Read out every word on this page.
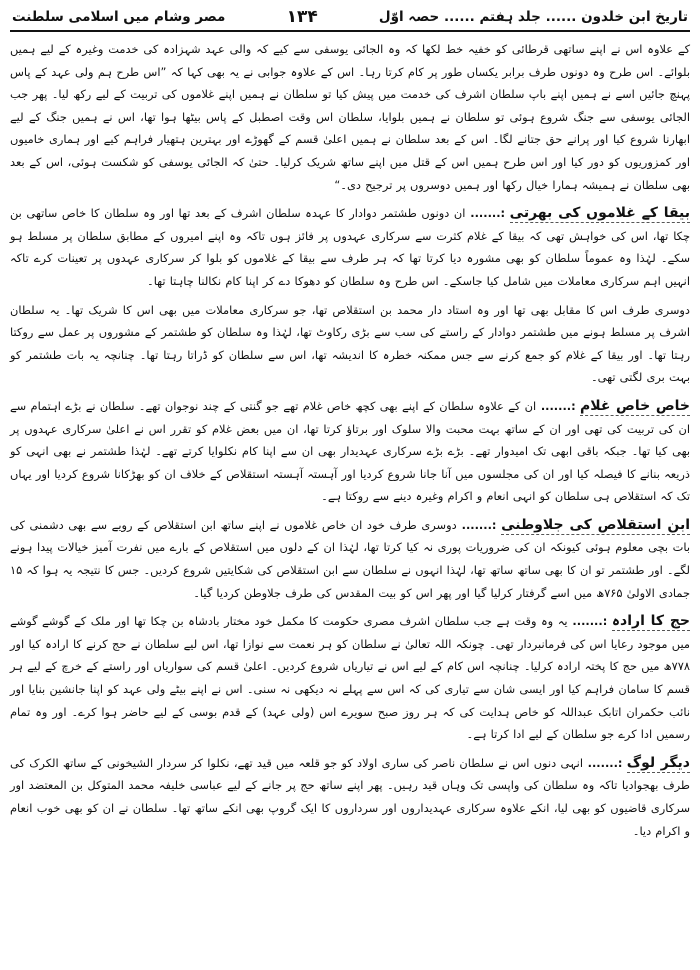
تاریخ ابن خلدون ...... جلد ہفتم ...... حصہ اوّل
۱۳۴
مصر وشام میں اسلامی سلطنت

کے علاوہ اس نے اپنے ساتھی قرطائی کو خفیہ خط لکھا کہ وہ الجائی یوسفی سے کیے کہ والی عہد شہزادہ کی خدمت وغیرہ کے لیے ہمیں بلوائے۔ اس طرح وہ دونوں طرف برابر یکساں طور پر کام کرتا رہا۔ اس کے علاوہ جوابی نے یہ بھی کہا کہ ”اس طرح ہم ولی عہد کے پاس پہنچ جائیں اسے نے ہمیں اپنے باپ سلطان اشرف کی خدمت میں پیش کیا تو سلطان نے ہمیں اپنے غلاموں کی تربیت کے لیے رکھ لیا۔ پھر جب الجائی یوسفی سے جنگ شروع ہوئی تو سلطان نے ہمیں بلوایا، سلطان اس وقت اصطبل کے پاس بیٹھا ہوا تھا، اس نے ہمیں جنگ کے لیے ابھارنا شروع کیا اور پرانے حق جتانے لگا۔ اس کے بعد سلطان نے ہمیں اعلیٰ قسم کے گھوڑے اور بہترین ہتھیار فراہم کیے اور ہماری خامیوں اور کمزوریوں کو دور کیا اور اس طرح ہمیں اس کے قتل میں اپنے ساتھ شریک کرلیا۔ حتیٰ کہ الجائی یوسفی کو شکست ہوئی، اس کے بعد بھی سلطان نے ہمیشہ ہمارا خیال رکھا اور ہمیں دوسروں پر ترجیح دی۔“

بیقا کے غلاموں کی بھرتی :....... ان دونوں طشتمر دوادار کا عہدہ سلطان اشرف کے بعد تھا اور وہ سلطان کا خاص ساتھی بن چکا تھا، اس کی خواہش تھی کہ بیقا کے غلام کثرت سے سرکاری عہدوں پر فائز ہوں تاکہ وہ اپنے امیروں کے مطابق سلطان پر مسلط ہو سکے۔ لہٰذا وہ عموماً سلطان کو بھی مشورہ دیا کرتا تھا کہ ہر طرف سے بیقا کے غلاموں کو بلوا کر سرکاری عہدوں پر تعینات کرے تاکہ انہیں اہم سرکاری معاملات میں شامل کیا جاسکے۔ اس طرح وہ سلطان کو دھوکا دے کر اپنا کام نکالنا چاہتا تھا۔

دوسری طرف اس کا مقابل بھی تھا اور وہ استاد دار محمد بن استقلاص تھا، جو سرکاری معاملات میں بھی اس کا شریک تھا۔ یہ سلطان اشرف پر مسلط ہونے میں طشتمر دوادار کے راستے کی سب سے بڑی رکاوٹ تھا، لہٰذا وہ سلطان کو طشتمر کے مشوروں پر عمل سے روکتا رہتا تھا۔ اور بیقا کے غلام کو جمع کرنے سے جس ممکنہ خطرہ کا اندیشہ تھا، اس سے سلطان کو ڈراتا رہتا تھا۔ چنانچہ یہ بات طشتمر کو بہت بری لگتی تھی۔

خاص خاص غلام :....... ان کے علاوہ سلطان کے اپنے بھی کچھ خاص غلام تھے جو گنتی کے چند نوجوان تھے۔ سلطان نے بڑے اہتمام سے ان کی تربیت کی تھی اور ان کے ساتھ بہت محبت والا سلوک اور برتاؤ کرتا تھا، ان میں بعض غلام کو تقرر اس نے اعلیٰ سرکاری عہدوں پر بھی کیا تھا۔ جبکہ باقی ابھی تک امیدوار تھے۔ بڑے بڑے سرکاری عہدیدار بھی ان سے اپنا کام نکلوایا کرتے تھے۔ لہٰذا طشتمر نے بھی انہی کو ذریعہ بنانے کا فیصلہ کیا اور ان کی مجلسوں میں آنا جانا شروع کردیا اور آہستہ آہستہ استقلاص کے خلاف ان کو بھڑکانا شروع کردیا اور یہاں تک کہ استقلاص ہی سلطان کو انہی انعام و اکرام وغیرہ دینے سے روکتا ہے۔

ابن استقلاص کی جلاوطنی :....... دوسری طرف خود ان خاص غلاموں نے اپنے ساتھ ابن استقلاص کے رویے سے بھی دشمنی کی بات بچی معلوم ہوئی کیونکہ ان کی ضروریات پوری نہ کیا کرتا تھا، لہٰذا ان کے دلوں میں استقلاص کے بارے میں نفرت آمیز خیالات پیدا ہونے لگے۔ اور طشتمر تو ان کا بھی ساتھ ساتھ تھا، لہٰذا انہوں نے سلطان سے ابن استقلاص کی شکایتیں شروع کردیں۔ جس کا نتیجہ یہ ہوا کہ ۱۵ جمادی الاولیٰ ۷۶۵ھ میں اسے گرفتار کرلیا گیا اور پھر اس کو بیت المقدس کی طرف جلاوطن کردیا گیا۔

حج کا ارادہ :....... یہ وہ وقت ہے جب سلطان اشرف مصری حکومت کا مکمل خود مختار بادشاہ بن چکا تھا اور ملک کے گوشے گوشے میں موجود رعایا اس کی فرمانبردار تھی۔ چونکہ اللہ تعالیٰ نے سلطان کو ہر نعمت سے نوازا تھا، اس لیے سلطان نے حج کرنے کا ارادہ کیا اور ۷۷۸ھ میں حج کا پختہ ارادہ کرلیا۔ چنانچہ اس کام کے لیے اس نے تیاریاں شروع کردیں۔ اعلیٰ قسم کی سواریاں اور راستے کے خرچ کے لیے ہر قسم کا سامان فراہم کیا اور ایسی شان سے تیاری کی کہ اس سے پہلے نہ دیکھی نہ سنی۔ اس نے اپنے بیٹے ولی عہد کو اپنا جانشین بنایا اور نائب حکمران اتابک عبداللہ کو خاص ہدایت کی کہ ہر روز صبح سویرے اس (ولی عہد) کے قدم بوسی کے لیے حاضر ہوا کرے۔ اور وہ تمام رسمیں ادا کرے جو سلطان کے لیے ادا کرتا ہے۔

دیگر لوگ :....... انہی دنوں اس نے سلطان ناصر کی ساری اولاد کو جو قلعہ میں قید تھے، نکلوا کر سردار الشیخونی کے ساتھ الکرک کی طرف بھجوادیا تاکہ وہ سلطان کی واپسی تک وہاں قید رہیں۔ پھر اپنے ساتھ حج پر جانے کے لیے عباسی خلیفہ محمد المتوکل بن المعتضد اور سرکاری قاضیوں کو بھی لیا، انکے علاوہ سرکاری عہدیداروں اور سرداروں کا ایک گروپ بھی انکے ساتھ تھا۔ سلطان نے ان کو بھی خوب انعام و اکرام دیا۔
